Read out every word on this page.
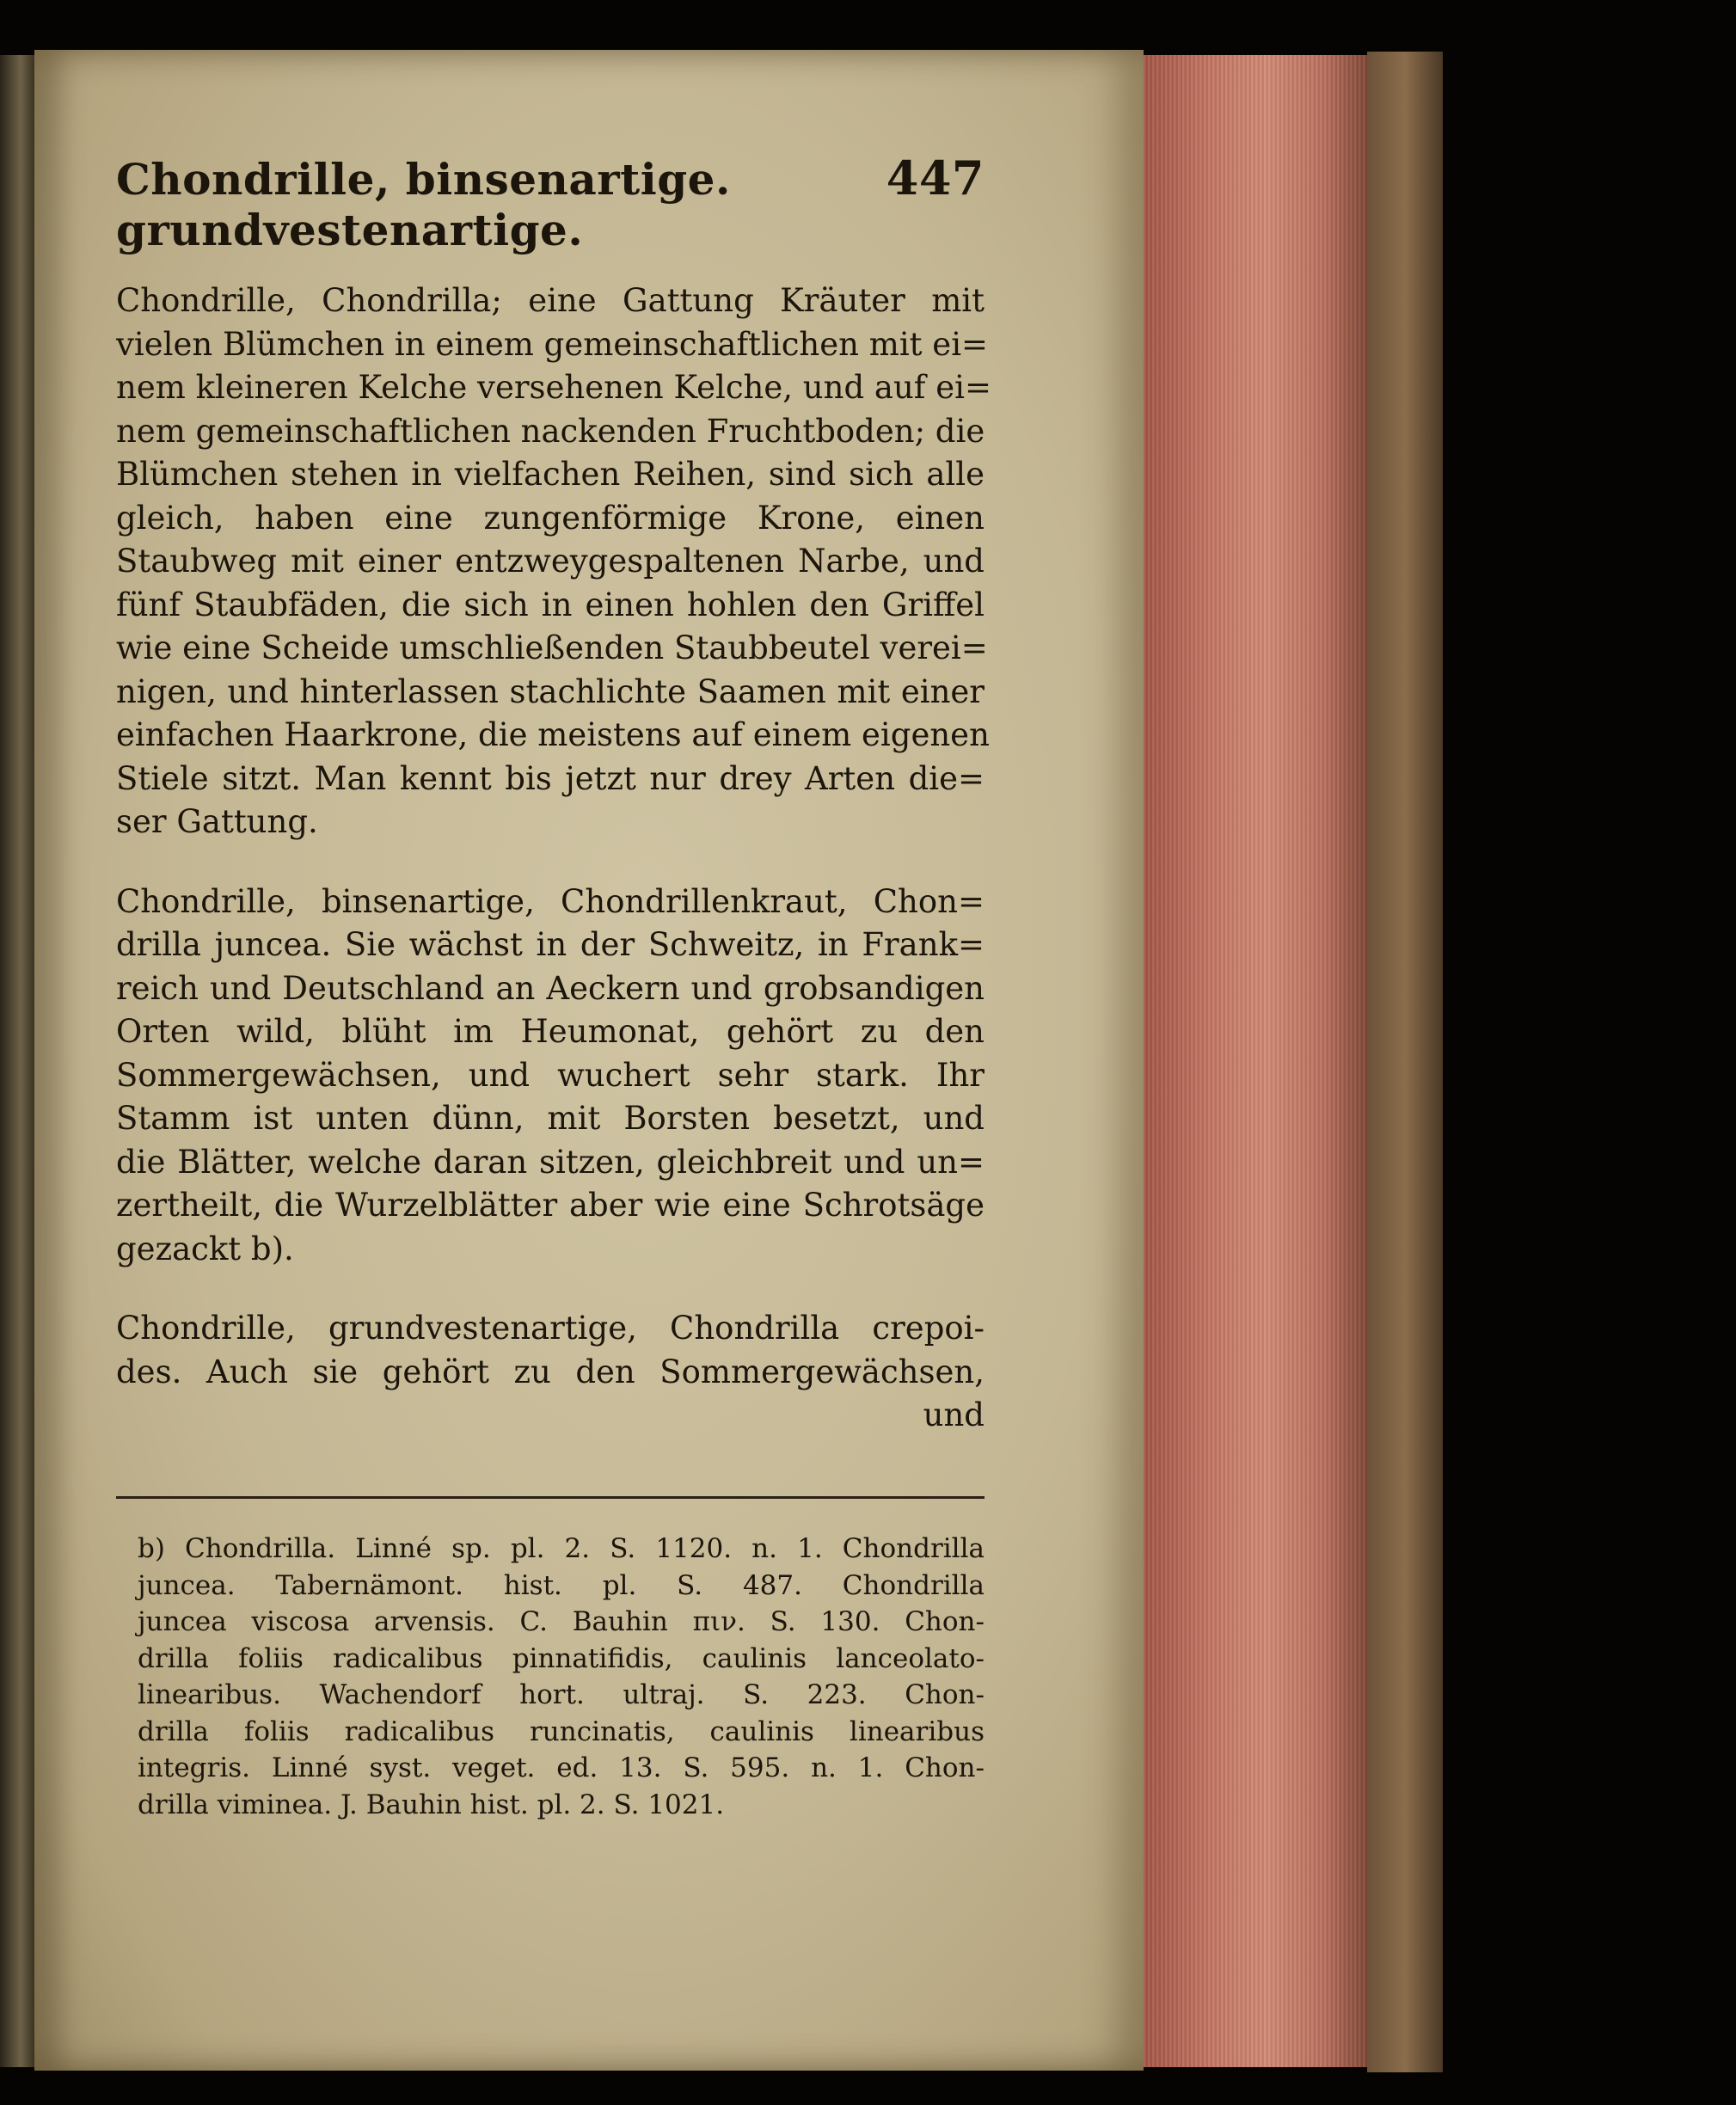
Chondrille, binsenartige. grundvestenartige.
447
Chondrille, Chondrilla; eine Gattung Kräuter mit
vielen Blümchen in einem gemeinschaftlichen mit ei=
nem kleineren Kelche versehenen Kelche, und auf ei=
nem gemeinschaftlichen nackenden Fruchtboden; die
Blümchen stehen in vielfachen Reihen, sind sich alle
gleich, haben eine zungenförmige Krone, einen
Staubweg mit einer entzweygespaltenen Narbe, und
fünf Staubfäden, die sich in einen hohlen den Griffel
wie eine Scheide umschließenden Staubbeutel verei=
nigen, und hinterlassen stachlichte Saamen mit einer
einfachen Haarkrone, die meistens auf einem eigenen
Stiele sitzt. Man kennt bis jetzt nur drey Arten die=
ser Gattung.
Chondrille, binsenartige, Chondrillenkraut, Chon=
drilla juncea. Sie wächst in der Schweitz, in Frank=
reich und Deutschland an Aeckern und grobsandigen
Orten wild, blüht im Heumonat, gehört zu den
Sommergewächsen, und wuchert sehr stark. Ihr
Stamm ist unten dünn, mit Borsten besetzt, und
die Blätter, welche daran sitzen, gleichbreit und un=
zertheilt, die Wurzelblätter aber wie eine Schrotsäge
gezackt b).
Chondrille, grundvestenartige, Chondrilla crepoi-
des. Auch sie gehört zu den Sommergewächsen,
und
b) Chondrilla. Linné sp. pl. 2. S. 1120. n. 1. Chondrilla
juncea. Tabernämont. hist. pl. S. 487. Chondrilla
juncea viscosa arvensis. C. Bauhin πιν. S. 130. Chon-
drilla foliis radicalibus pinnatifidis, caulinis lanceolato-
linearibus. Wachendorf hort. ultraj. S. 223. Chon-
drilla foliis radicalibus runcinatis, caulinis linearibus
integris. Linné syst. veget. ed. 13. S. 595. n. 1. Chon-
drilla viminea. J. Bauhin hist. pl. 2. S. 1021.
